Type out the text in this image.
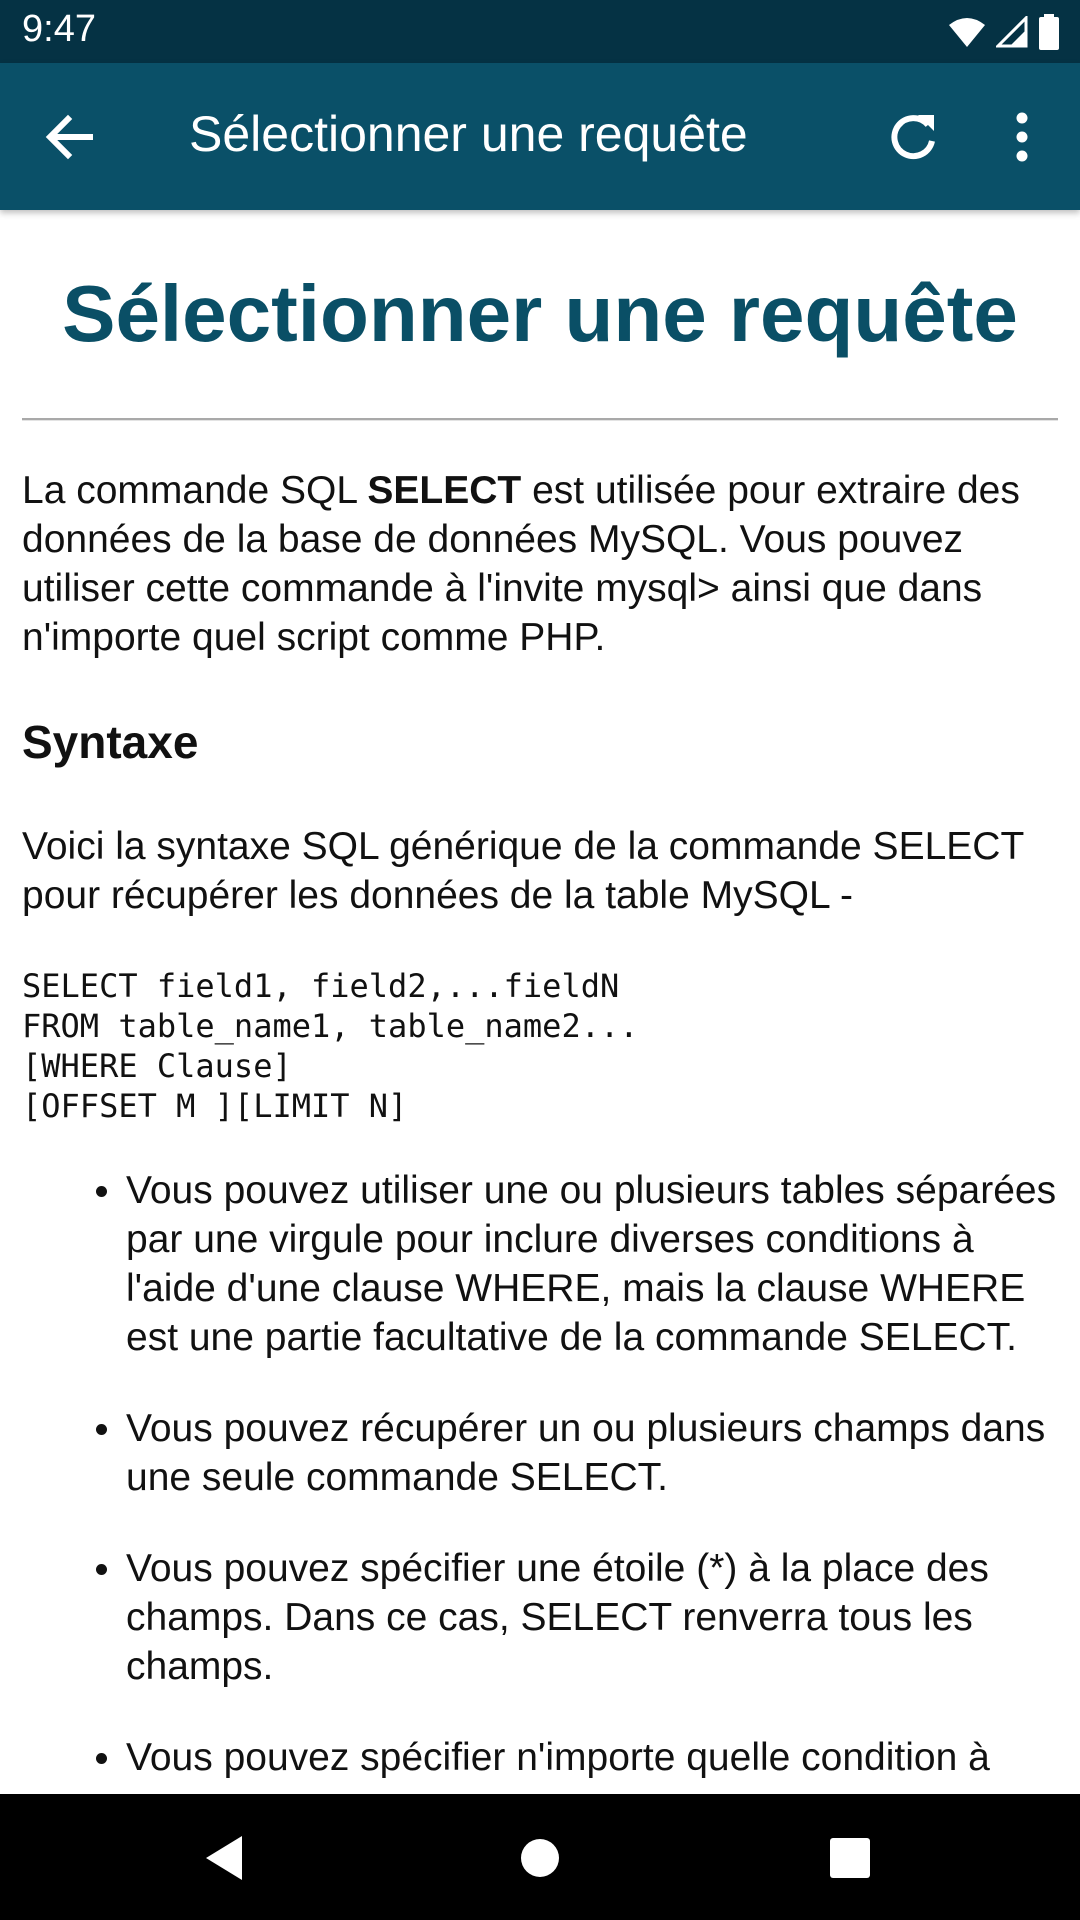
9:47
Sélectionner une requête
Sélectionner une requête

La commande SQL SELECT est utilisée pour extraire des données de la base de données MySQL. Vous pouvez utiliser cette commande à l'invite mysql> ainsi que dans n'importe quel script comme PHP.

Syntaxe

Voici la syntaxe SQL générique de la commande SELECT pour récupérer les données de la table MySQL -

SELECT field1, field2,...fieldN
FROM table_name1, table_name2...
[WHERE Clause]
[OFFSET M ][LIMIT N]
Vous pouvez utiliser une ou plusieurs tables séparées par une virgule pour inclure diverses conditions à l'aide d'une clause WHERE, mais la clause WHERE est une partie facultative de la commande SELECT.
Vous pouvez récupérer un ou plusieurs champs dans une seule commande SELECT.
Vous pouvez spécifier une étoile (*) à la place des champs. Dans ce cas, SELECT renverra tous les champs.
Vous pouvez spécifier n'importe quelle condition à
